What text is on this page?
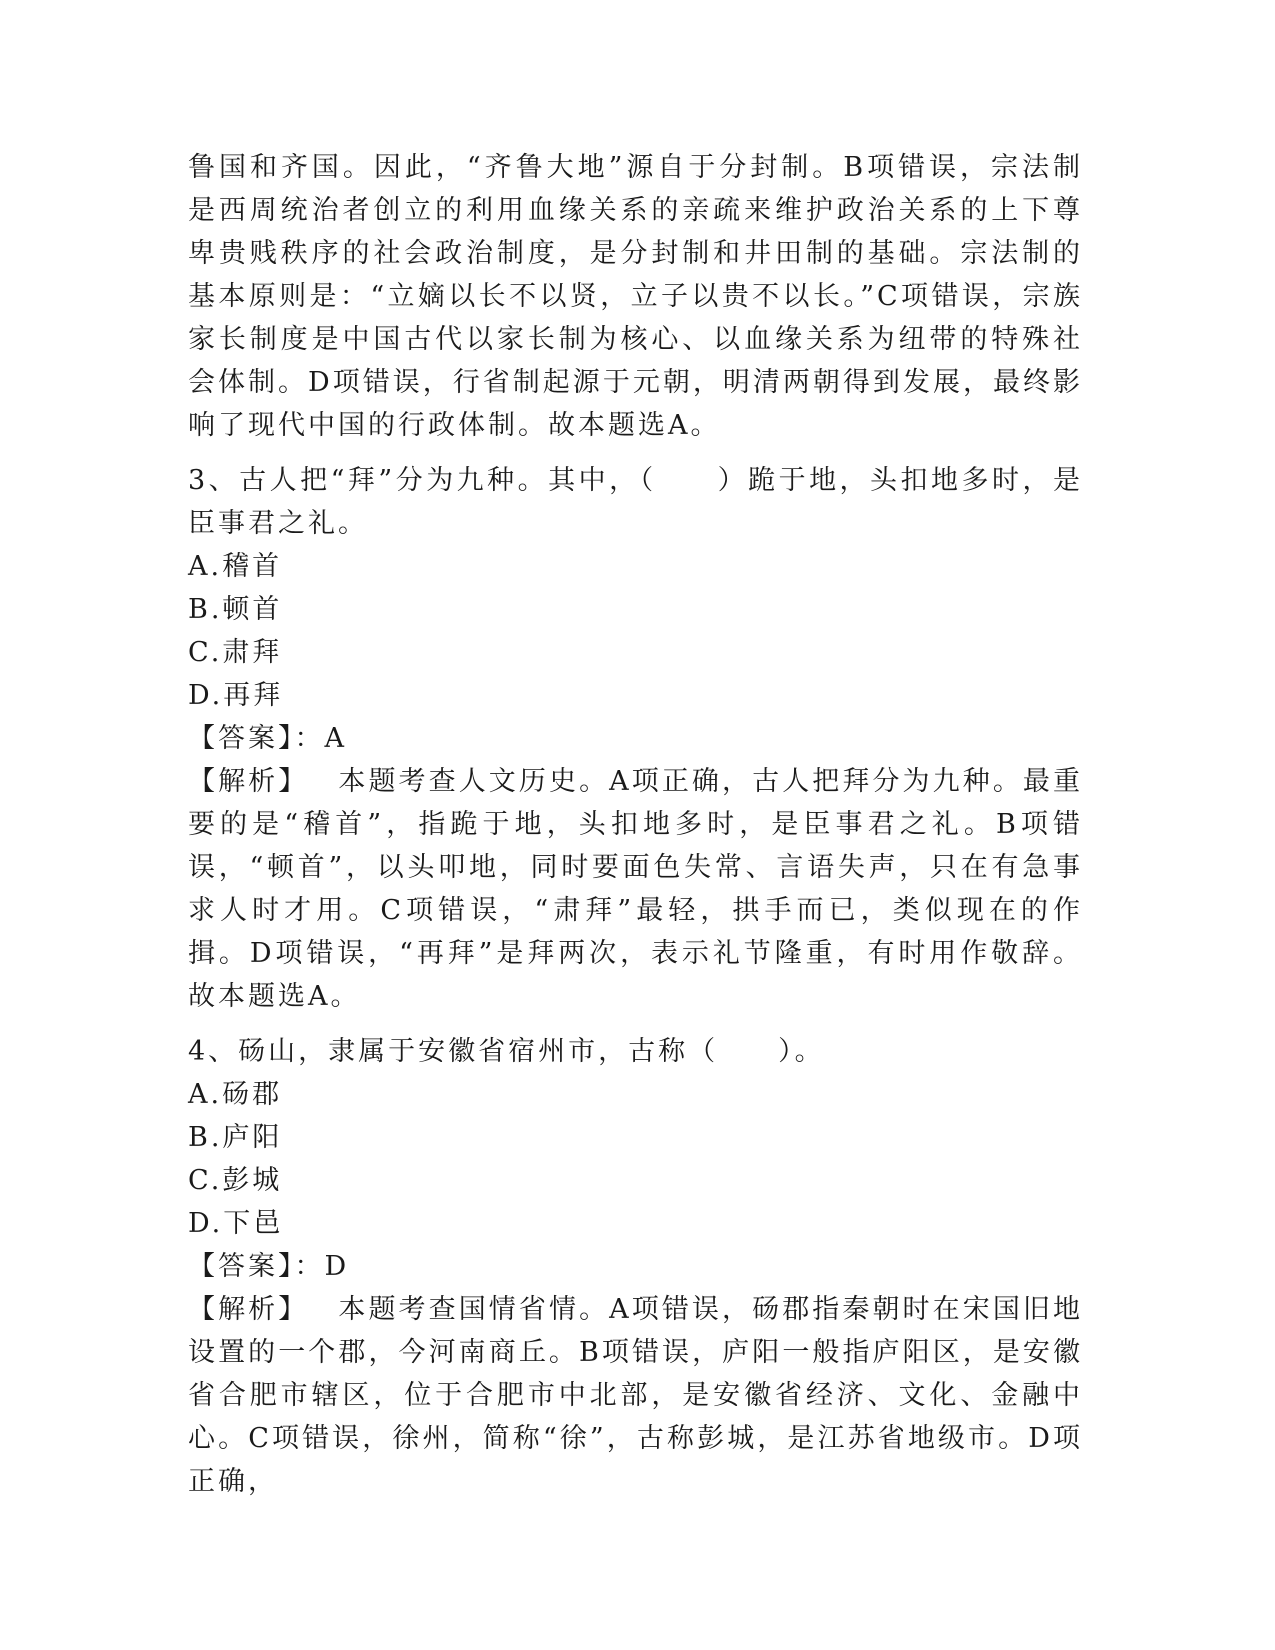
鲁国和齐国。因此，“齐鲁大地”源自于分封制。B项错误，宗法制是西周统治者创立的利用血缘关系的亲疏来维护政治关系的上下尊卑贵贱秩序的社会政治制度，是分封制和井田制的基础。宗法制的基本原则是：“立嫡以长不以贤，立子以贵不以长。”C项错误，宗族家长制度是中国古代以家长制为核心、以血缘关系为纽带的特殊社会体制。D项错误，行省制起源于元朝，明清两朝得到发展，最终影响了现代中国的行政体制。故本题选A。

3、古人把“拜”分为九种。其中，（　　）跪于地，头扣地多时，是臣事君之礼。

A.稽首

B.顿首

C.肃拜

D.再拜

【答案】：A

【解析】 本题考查人文历史。A项正确，古人把拜分为九种。最重要的是“稽首”，指跪于地，头扣地多时，是臣事君之礼。B项错误，“顿首”，以头叩地，同时要面色失常、言语失声，只在有急事求人时才用。C项错误，“肃拜”最轻，拱手而已，类似现在的作揖。D项错误，“再拜”是拜两次，表示礼节隆重，有时用作敬辞。故本题选A。

4、砀山，隶属于安徽省宿州市，古称（　　）。

A.砀郡

B.庐阳

C.彭城

D.下邑

【答案】：D

【解析】 本题考查国情省情。A项错误，砀郡指秦朝时在宋国旧地设置的一个郡，今河南商丘。B项错误，庐阳一般指庐阳区，是安徽省合肥市辖区，位于合肥市中北部，是安徽省经济、文化、金融中心。C项错误，徐州，简称“徐”，古称彭城，是江苏省地级市。D项正确，
